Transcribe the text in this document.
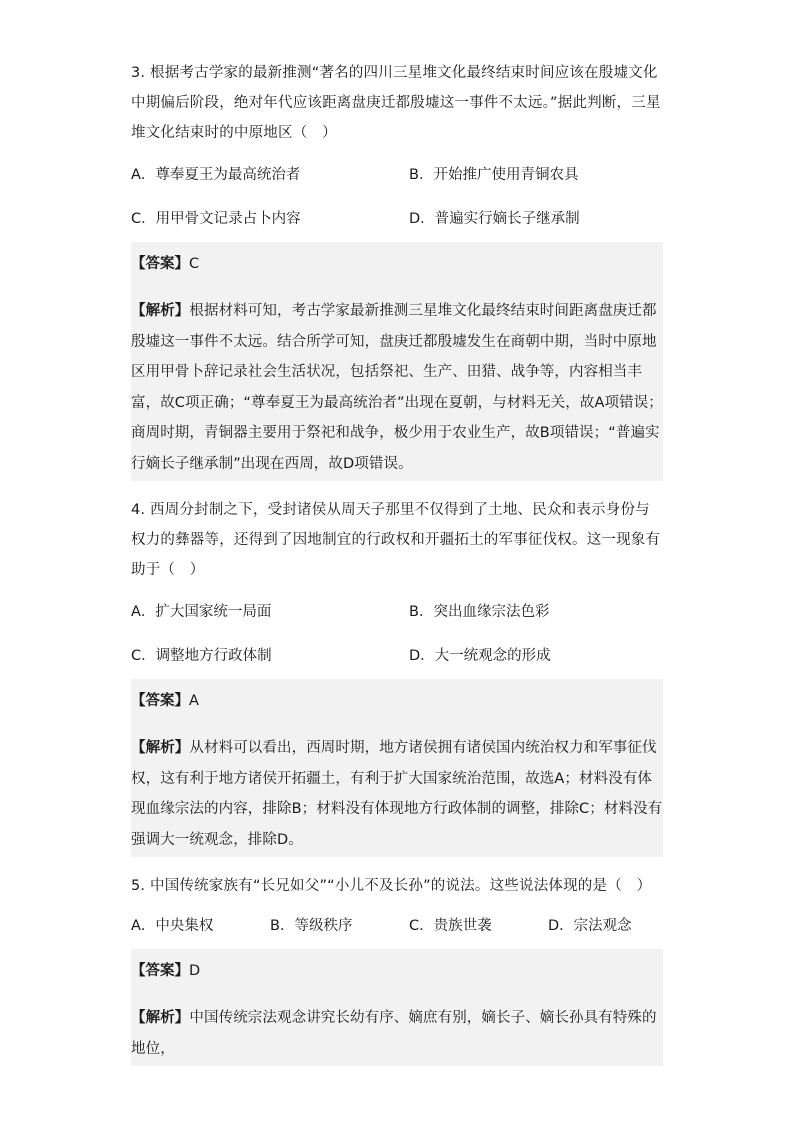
3. 根据考古学家的最新推测“著名的四川三星堆文化最终结束时间应该在殷墟文化中期偏后阶段，绝对年代应该距离盘庚迁都殷墟这一事件不太远。”据此判断，三星堆文化结束时的中原地区（　）

A．尊奉夏王为最高统治者	B．开始推广使用青铜农具
C．用甲骨文记录占卜内容	D．普遍实行嫡长子继承制
【答案】C

【解析】根据材料可知，考古学家最新推测三星堆文化最终结束时间距离盘庚迁都殷墟这一事件不太远。结合所学可知，盘庚迁都殷墟发生在商朝中期，当时中原地区用甲骨卜辞记录社会生活状况，包括祭祀、生产、田猎、战争等，内容相当丰富，故C项正确；“尊奉夏王为最高统治者”出现在夏朝，与材料无关，故A项错误；商周时期，青铜器主要用于祭祀和战争，极少用于农业生产，故B项错误；“普遍实行嫡长子继承制”出现在西周，故D项错误。

4. 西周分封制之下，受封诸侯从周天子那里不仅得到了土地、民众和表示身份与权力的彝器等，还得到了因地制宜的行政权和开疆拓土的军事征伐权。这一现象有助于（　）

A．扩大国家统一局面	B．突出血缘宗法色彩
C．调整地方行政体制	D．大一统观念的形成
【答案】A

【解析】从材料可以看出，西周时期，地方诸侯拥有诸侯国内统治权力和军事征伐权，这有利于地方诸侯开拓疆土，有利于扩大国家统治范围，故选A；材料没有体现血缘宗法的内容，排除B；材料没有体现地方行政体制的调整，排除C；材料没有强调大一统观念，排除D。

5. 中国传统家族有“长兄如父”“小儿不及长孙”的说法。这些说法体现的是（　）

A．中央集权	B．等级秩序	C．贵族世袭	D．宗法观念
【答案】D

【解析】中国传统宗法观念讲究长幼有序、嫡庶有别，嫡长子、嫡长孙具有特殊的地位，
